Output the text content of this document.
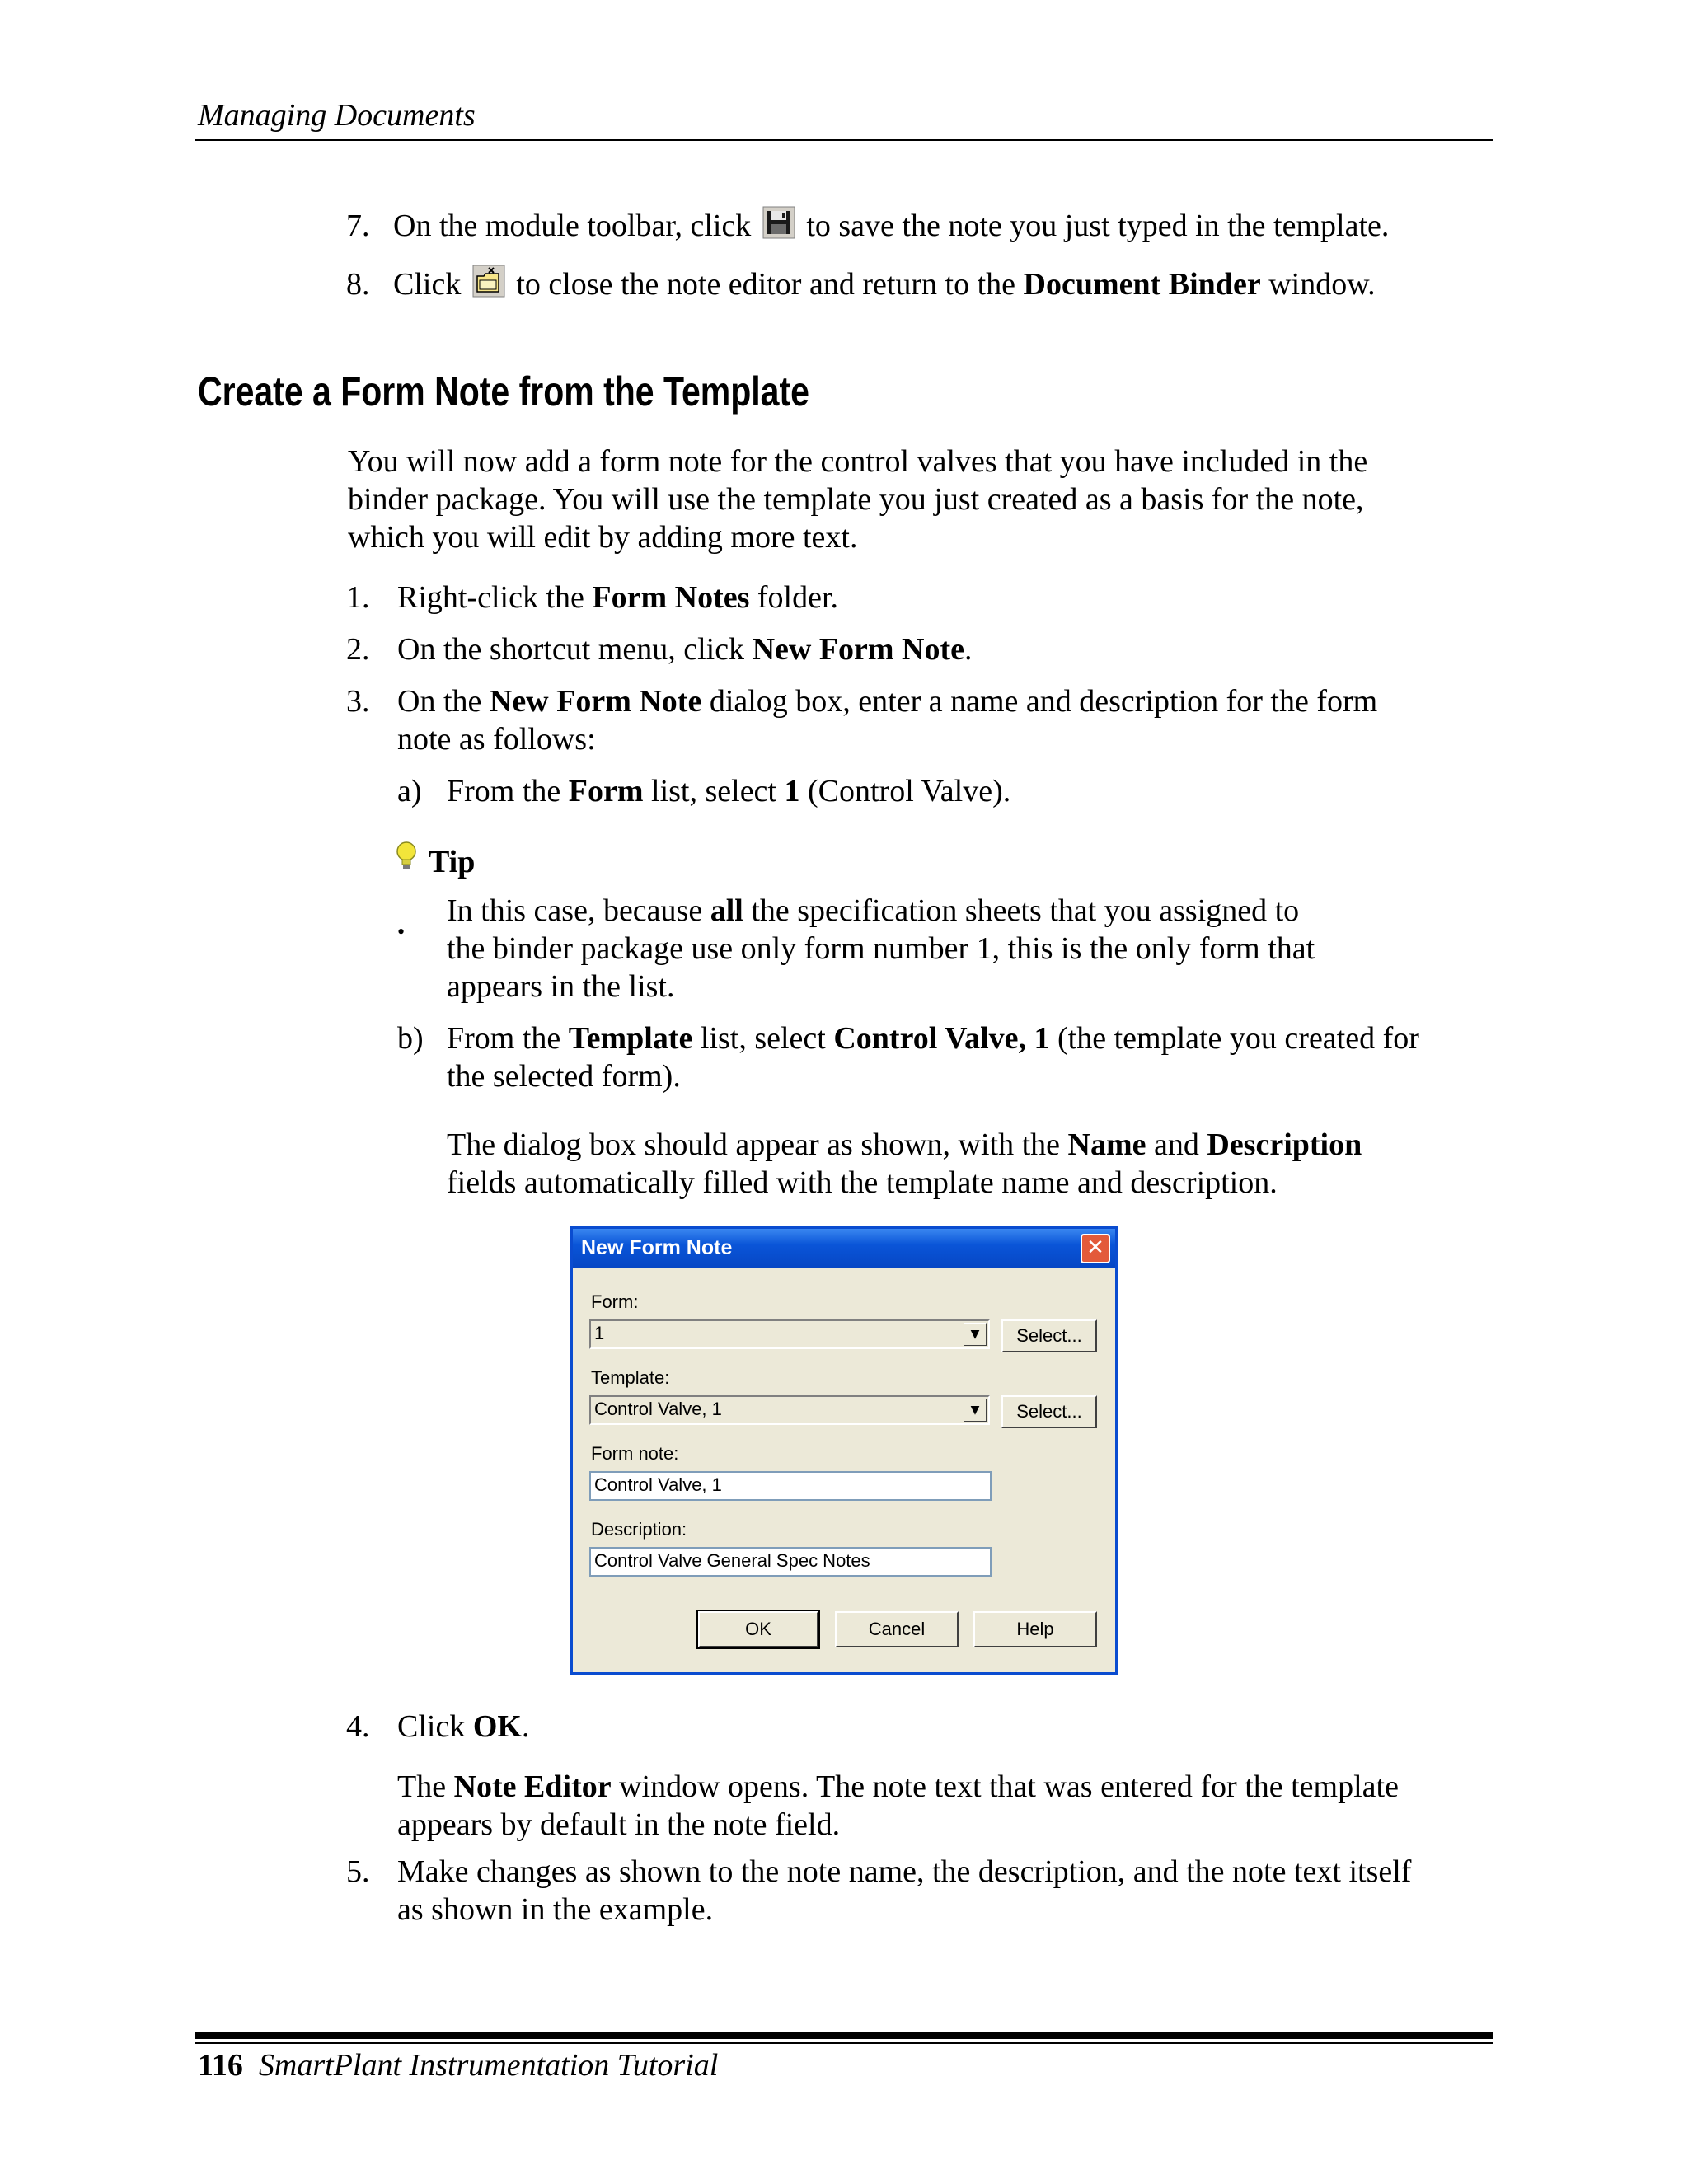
Managing Documents
7. On the module toolbar, click  to save the note you just typed in the template.
8. Click  to close the note editor and return to the Document Binder window.
Create a Form Note from the Template
You will now add a form note for the control valves that you have included in the
binder package. You will use the template you just created as a basis for the note,
which you will edit by adding more text.
1. Right-click the Form Notes folder.
2. On the shortcut menu, click New Form Note.
3. On the New Form Note dialog box, enter a name and description for the form
note as follows:
a) From the Form list, select 1 (Control Valve).
Tip
•
In this case, because all the specification sheets that you assigned to
the binder package use only form number 1, this is the only form that
appears in the list.
b) From the Template list, select Control Valve, 1 (the template you created for
the selected form).
The dialog box should appear as shown, with the Name and Description
fields automatically filled with the template name and description.
New Form Note	✕
Form:
1	▼	Select...
Template:
Control Valve, 1	▼	Select...
Form note:
Control Valve, 1
Description:
Control Valve General Spec Notes
OK	Cancel	Help
4. Click OK.
The Note Editor window opens. The note text that was entered for the template
appears by default in the note field.
5. Make changes as shown to the note name, the description, and the note text itself
as shown in the example.
116 SmartPlant Instrumentation Tutorial
